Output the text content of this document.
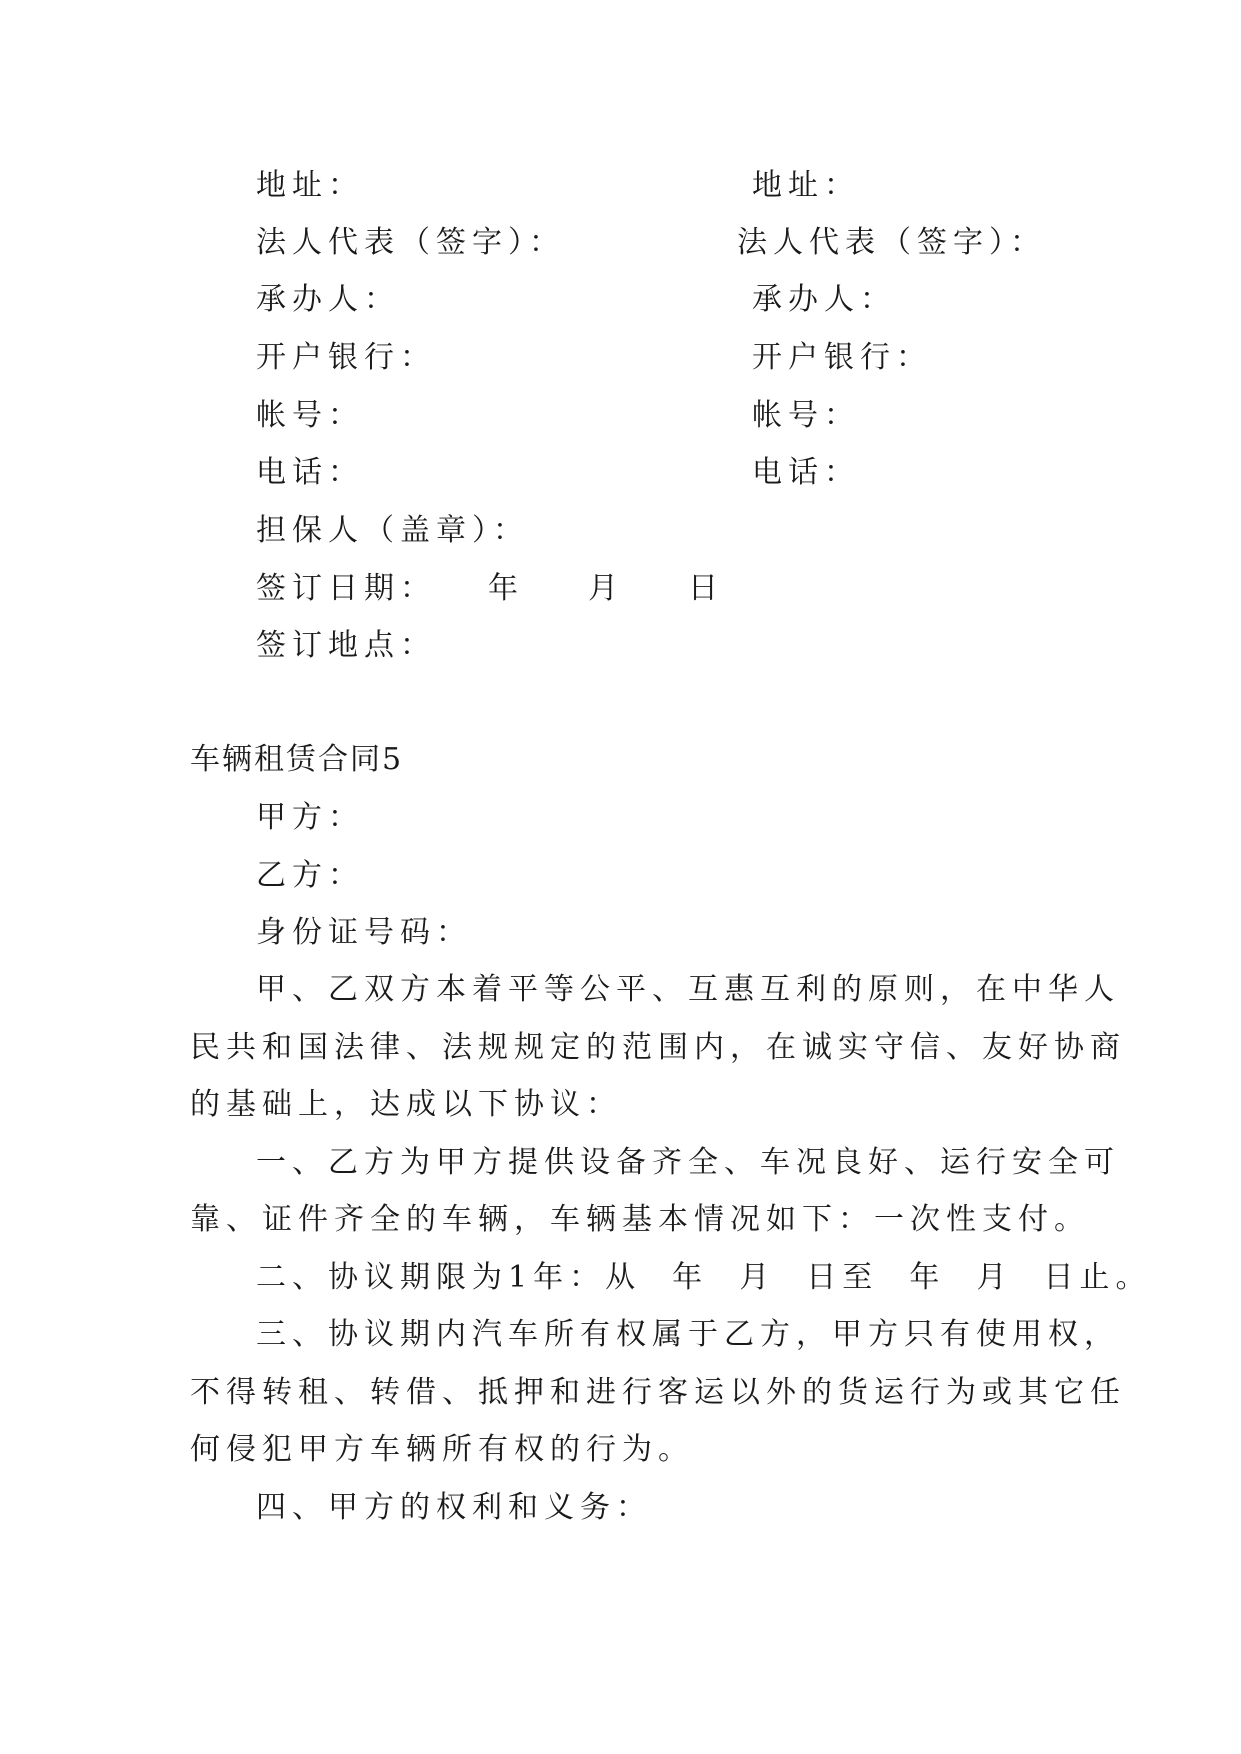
地址：
法人代表（签字）：
承办人：
开户银行：
帐号：
电话：
地址：
法人代表（签字）：
承办人：
开户银行：
帐号：
电话：
担保人（盖章）：
签订日期： 年 月 日
签订地点：
车辆租赁合同5
甲方：
乙方：
身份证号码：
甲、乙双方本着平等公平、互惠互利的原则，在中华人
民共和国法律、法规规定的范围内，在诚实守信、友好协商
的基础上，达成以下协议：
一、乙方为甲方提供设备齐全、车况良好、运行安全可
靠、证件齐全的车辆，车辆基本情况如下：一次性支付。
二、协议期限为1年：从  年  月  日至  年  月  日止。
三、协议期内汽车所有权属于乙方，甲方只有使用权，
不得转租、转借、抵押和进行客运以外的货运行为或其它任
何侵犯甲方车辆所有权的行为。
四、甲方的权利和义务：
